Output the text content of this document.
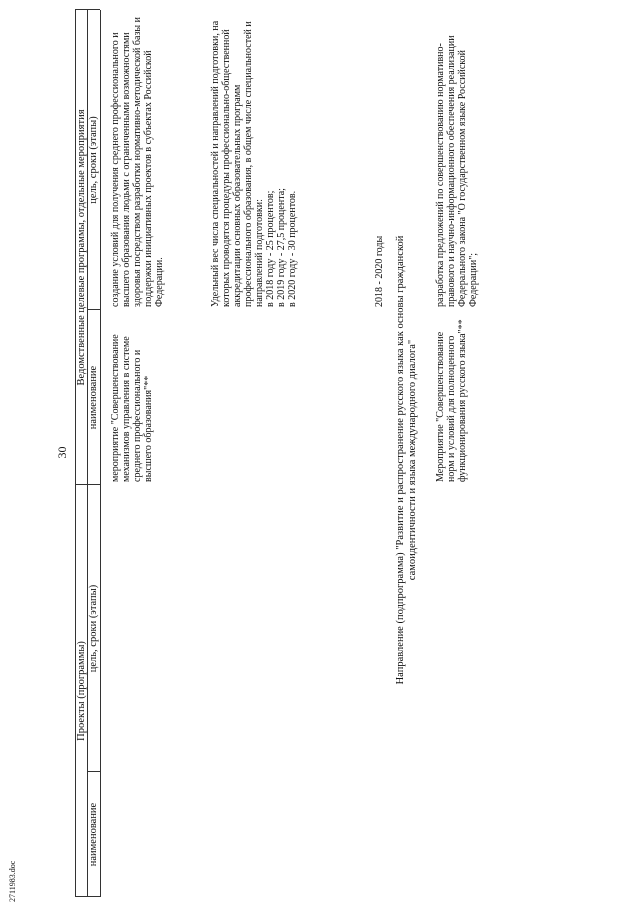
30
2711983.doc
Проекты (программы)
Ведомственные целевые программы, отдельные мероприятия
наименование
цель, сроки (этапы)
наименование
цель, сроки (этапы)
мероприятие "Совершенствование механизмов управления в системе среднего профессионального и высшего образования"**
создание условий для получения среднего профессионального и высшего образования людьми с ограниченными возможностями здоровья посредством разработки нормативно-методической базы и поддержки инициативных проектов в субъектах Российской Федерации.	Удельный вес числа специальностей и направлений подготовки, на которых проводятся процедуры профессионально-общественной аккредитации основных образовательных программ профессионального образования, в общем числе специальностей и направлений подготовки: в 2018 году - 25 процентов; в 2019 году - 27,5 процента; в 2020 году - 30 процентов.	2018 - 2020 годы Направление (подпрограмма) "Развитие и распространение русского языка как основы гражданской самоидентичности и языка международного диалога" Мероприятие "Совершенствование норм и условий для полноценного функционирования русского языка"**
разработка предложений по совершенствованию нормативно-правового и научно-информационного обеспечения реализации Федерального закона "О государственном языке Российской Федерации";
